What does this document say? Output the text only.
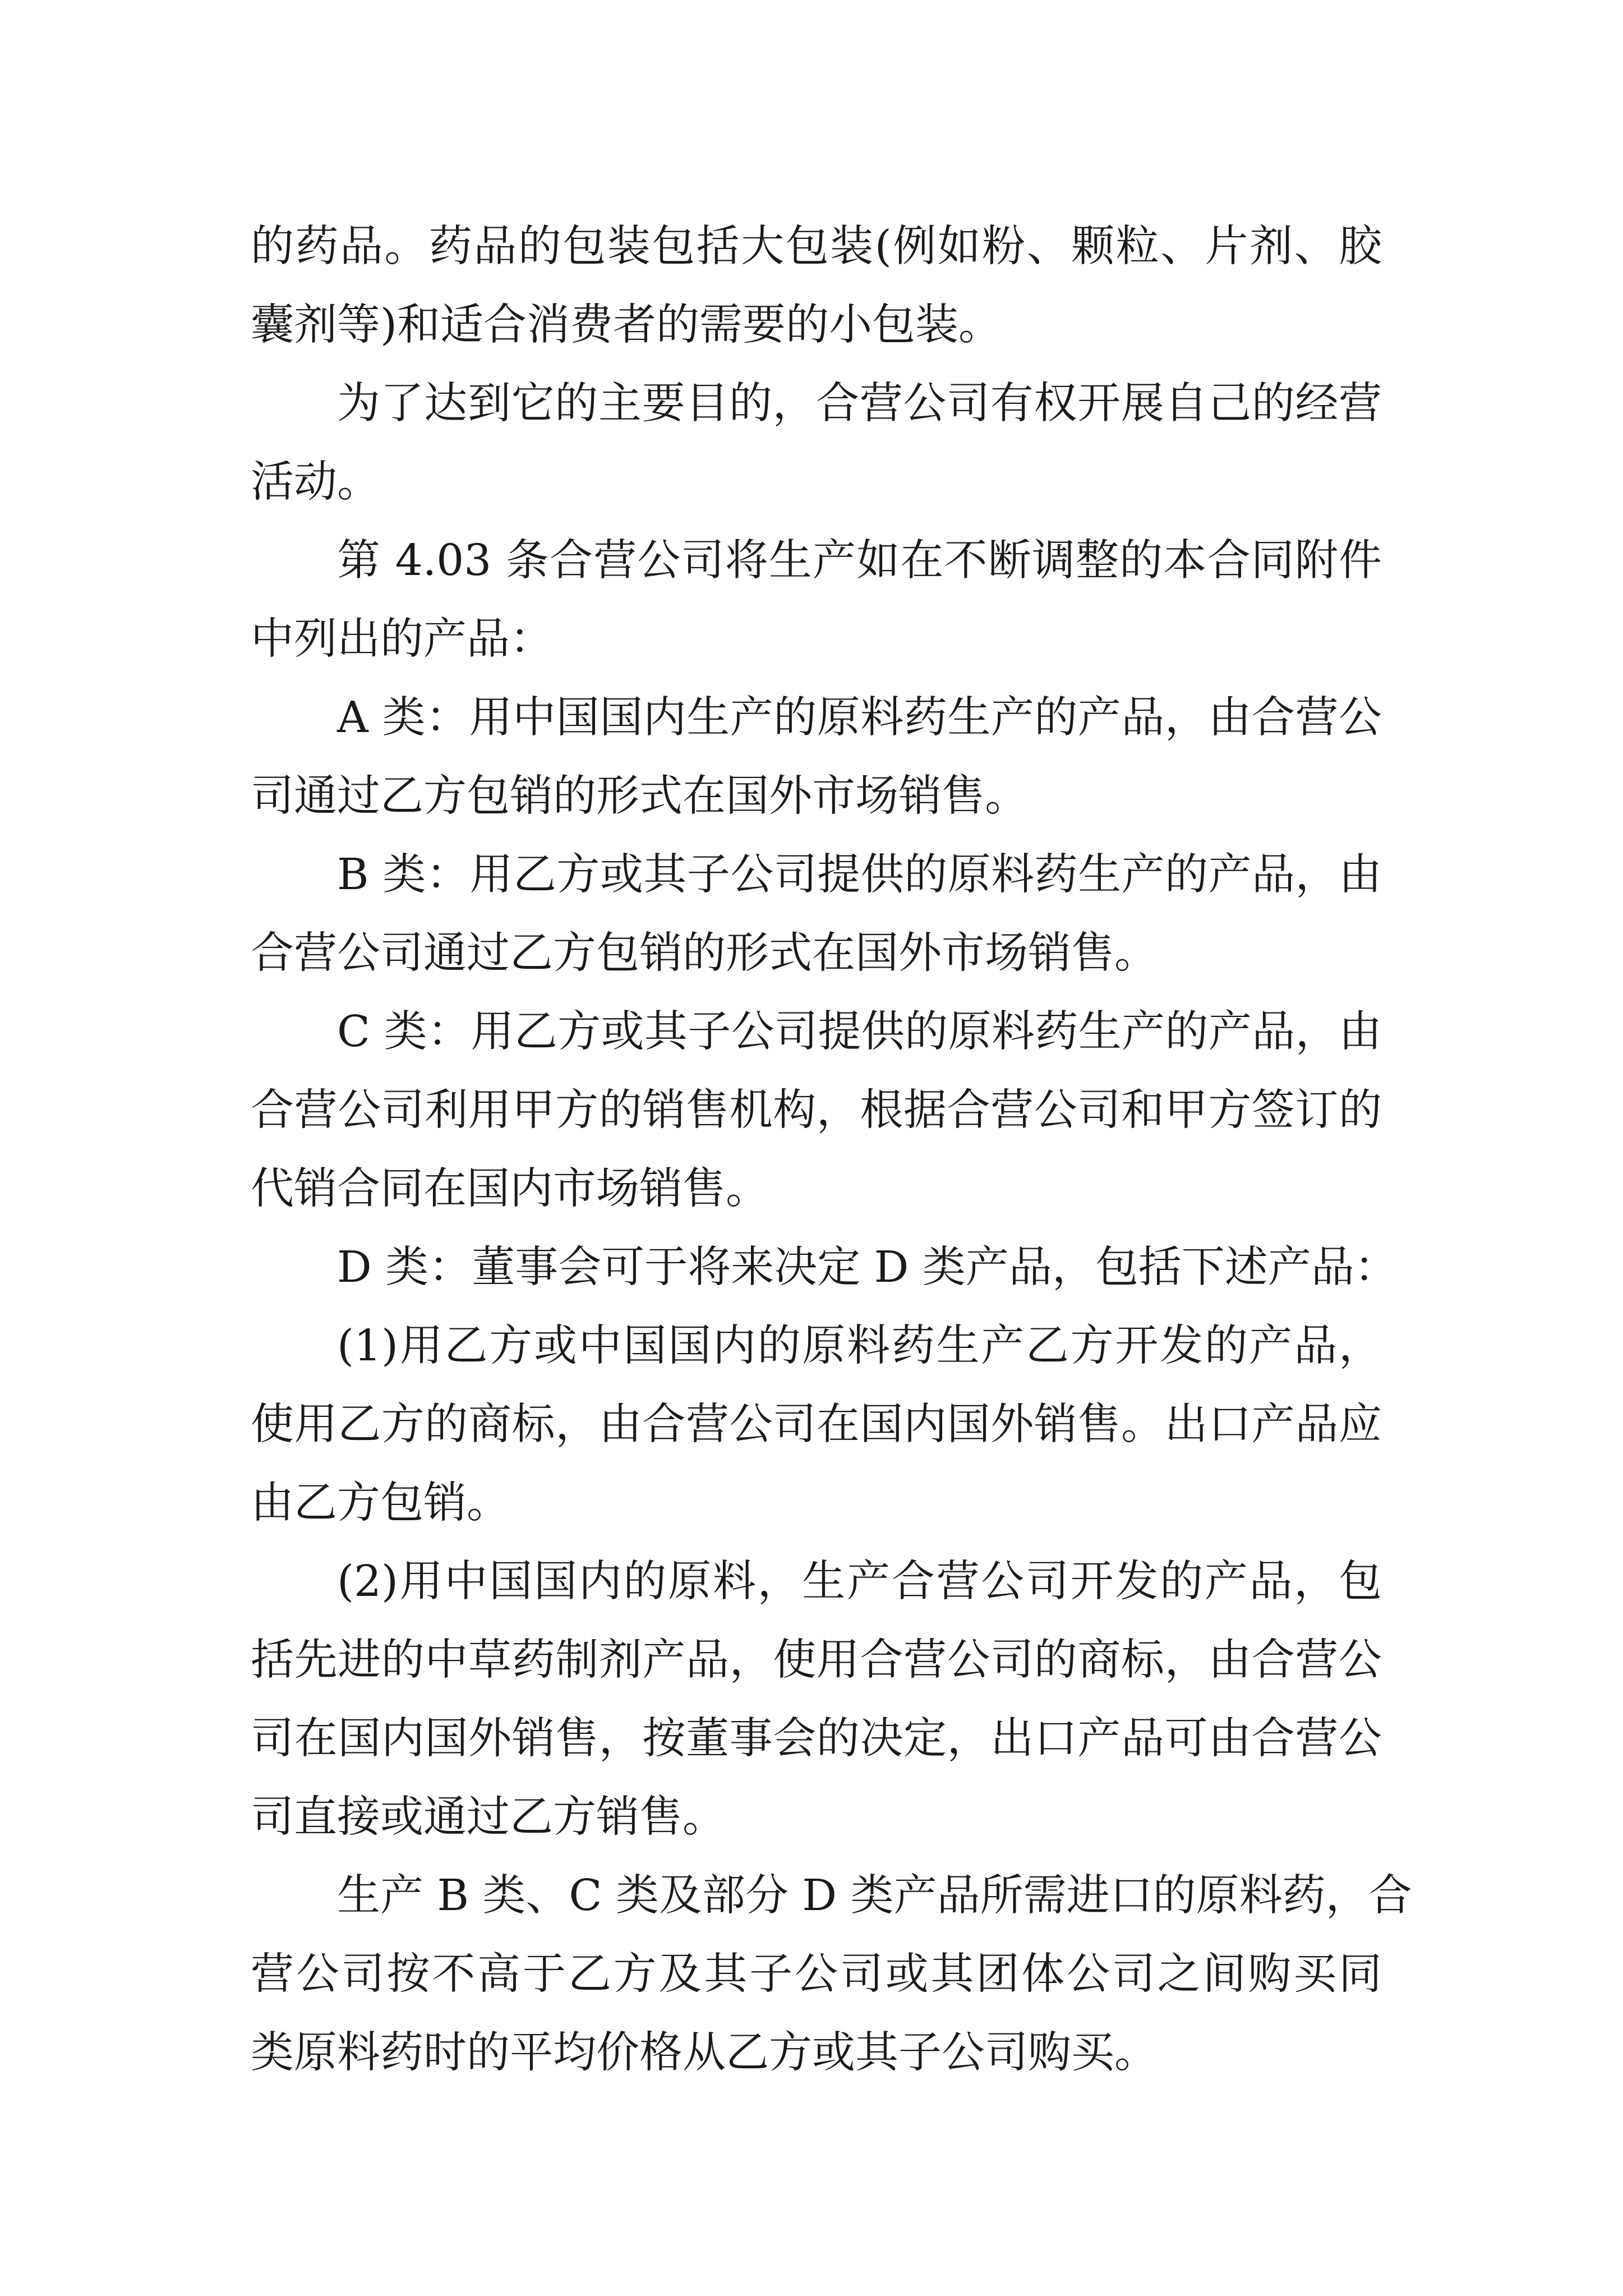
的药品。药品的包装包括大包装(例如粉、颗粒、片剂、胶
囊剂等)和适合消费者的需要的小包装。
为了达到它的主要目的，合营公司有权开展自己的经营
活动。
第 4.03 条合营公司将生产如在不断调整的本合同附件
中列出的产品：
A 类：用中国国内生产的原料药生产的产品，由合营公
司通过乙方包销的形式在国外市场销售。
B 类：用乙方或其子公司提供的原料药生产的产品，由
合营公司通过乙方包销的形式在国外市场销售。
C 类：用乙方或其子公司提供的原料药生产的产品，由
合营公司利用甲方的销售机构，根据合营公司和甲方签订的
代销合同在国内市场销售。
D 类：董事会可于将来决定 D 类产品，包括下述产品：
(1)用乙方或中国国内的原料药生产乙方开发的产品，
使用乙方的商标，由合营公司在国内国外销售。出口产品应
由乙方包销。
(2)用中国国内的原料，生产合营公司开发的产品，包
括先进的中草药制剂产品，使用合营公司的商标，由合营公
司在国内国外销售，按董事会的决定，出口产品可由合营公
司直接或通过乙方销售。
生产 B 类、C 类及部分 D 类产品所需进口的原料药，合
营公司按不高于乙方及其子公司或其团体公司之间购买同
类原料药时的平均价格从乙方或其子公司购买。
